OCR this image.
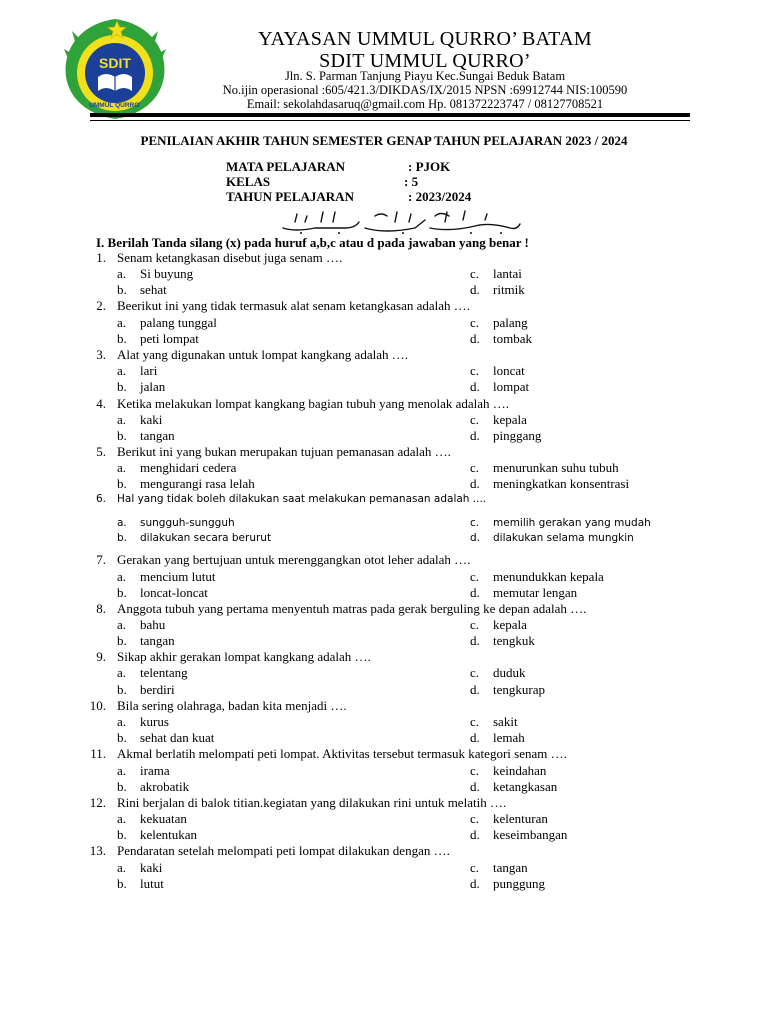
SDIT
UMMUL QURRO'
YAYASAN UMMUL QURRO’ BATAM
SDIT UMMUL QURRO’
Jln. S. Parman Tanjung Piayu Kec.Sungai Beduk Batam
No.ijin operasional :605/421.3/DIKDAS/IX/2015 NPSN :69912744 NIS:100590
Email: sekolahdasaruq@gmail.com Hp. 081372223747 / 08127708521
PENILAIAN AKHIR TAHUN SEMESTER GENAP TAHUN PELAJARAN 2023 / 2024
MATA PELAJARAN	: PJOK
KELAS	: 5
TAHUN PELAJARAN	: 2023/2024
I. Berilah Tanda silang (x) pada huruf a,b,c atau d pada jawaban yang benar !
1. Senam ketangkasan disebut juga senam ….
a. Si buyung	c. lantai
b. sehat	d. ritmik
2. Beerikut ini yang tidak termasuk alat senam ketangkasan adalah ….
a. palang tunggal	c. palang
b. peti lompat	d. tombak
3. Alat yang digunakan untuk lompat kangkang adalah ….
a. lari	c. loncat
b. jalan	d. lompat
4. Ketika melakukan lompat kangkang bagian tubuh yang menolak adalah ….
a. kaki	c. kepala
b. tangan	d. pinggang
5. Berikut ini yang bukan merupakan tujuan pemanasan adalah ….
a. menghidari cedera	c. menurunkan suhu tubuh
b. mengurangi rasa lelah	d. meningkatkan konsentrasi
6. Hal yang tidak boleh dilakukan saat melakukan pemanasan adalah ....
a. sungguh-sungguh	c. memilih gerakan yang mudah
b. dilakukan secara berurut	d. dilakukan selama mungkin
7. Gerakan yang bertujuan untuk merenggangkan otot leher adalah ….
a. mencium lutut	c. menundukkan kepala
b. loncat-loncat	d. memutar lengan
8. Anggota tubuh yang pertama menyentuh matras pada gerak berguling ke depan adalah ….
a. bahu	c. kepala
b. tangan	d. tengkuk
9. Sikap akhir gerakan lompat kangkang adalah ….
a. telentang	c. duduk
b. berdiri	d. tengkurap
10. Bila sering olahraga, badan kita menjadi ….
a. kurus	c. sakit
b. sehat dan kuat	d. lemah
11. Akmal berlatih melompati peti lompat. Aktivitas tersebut termasuk kategori senam ….
a. irama	c. keindahan
b. akrobatik	d. ketangkasan
12. Rini berjalan di balok titian.kegiatan yang dilakukan rini untuk melatih ….
a. kekuatan	c. kelenturan
b. kelentukan	d. keseimbangan
13. Pendaratan setelah melompati peti lompat dilakukan dengan ….
a. kaki	c. tangan
b. lutut	d. punggung
